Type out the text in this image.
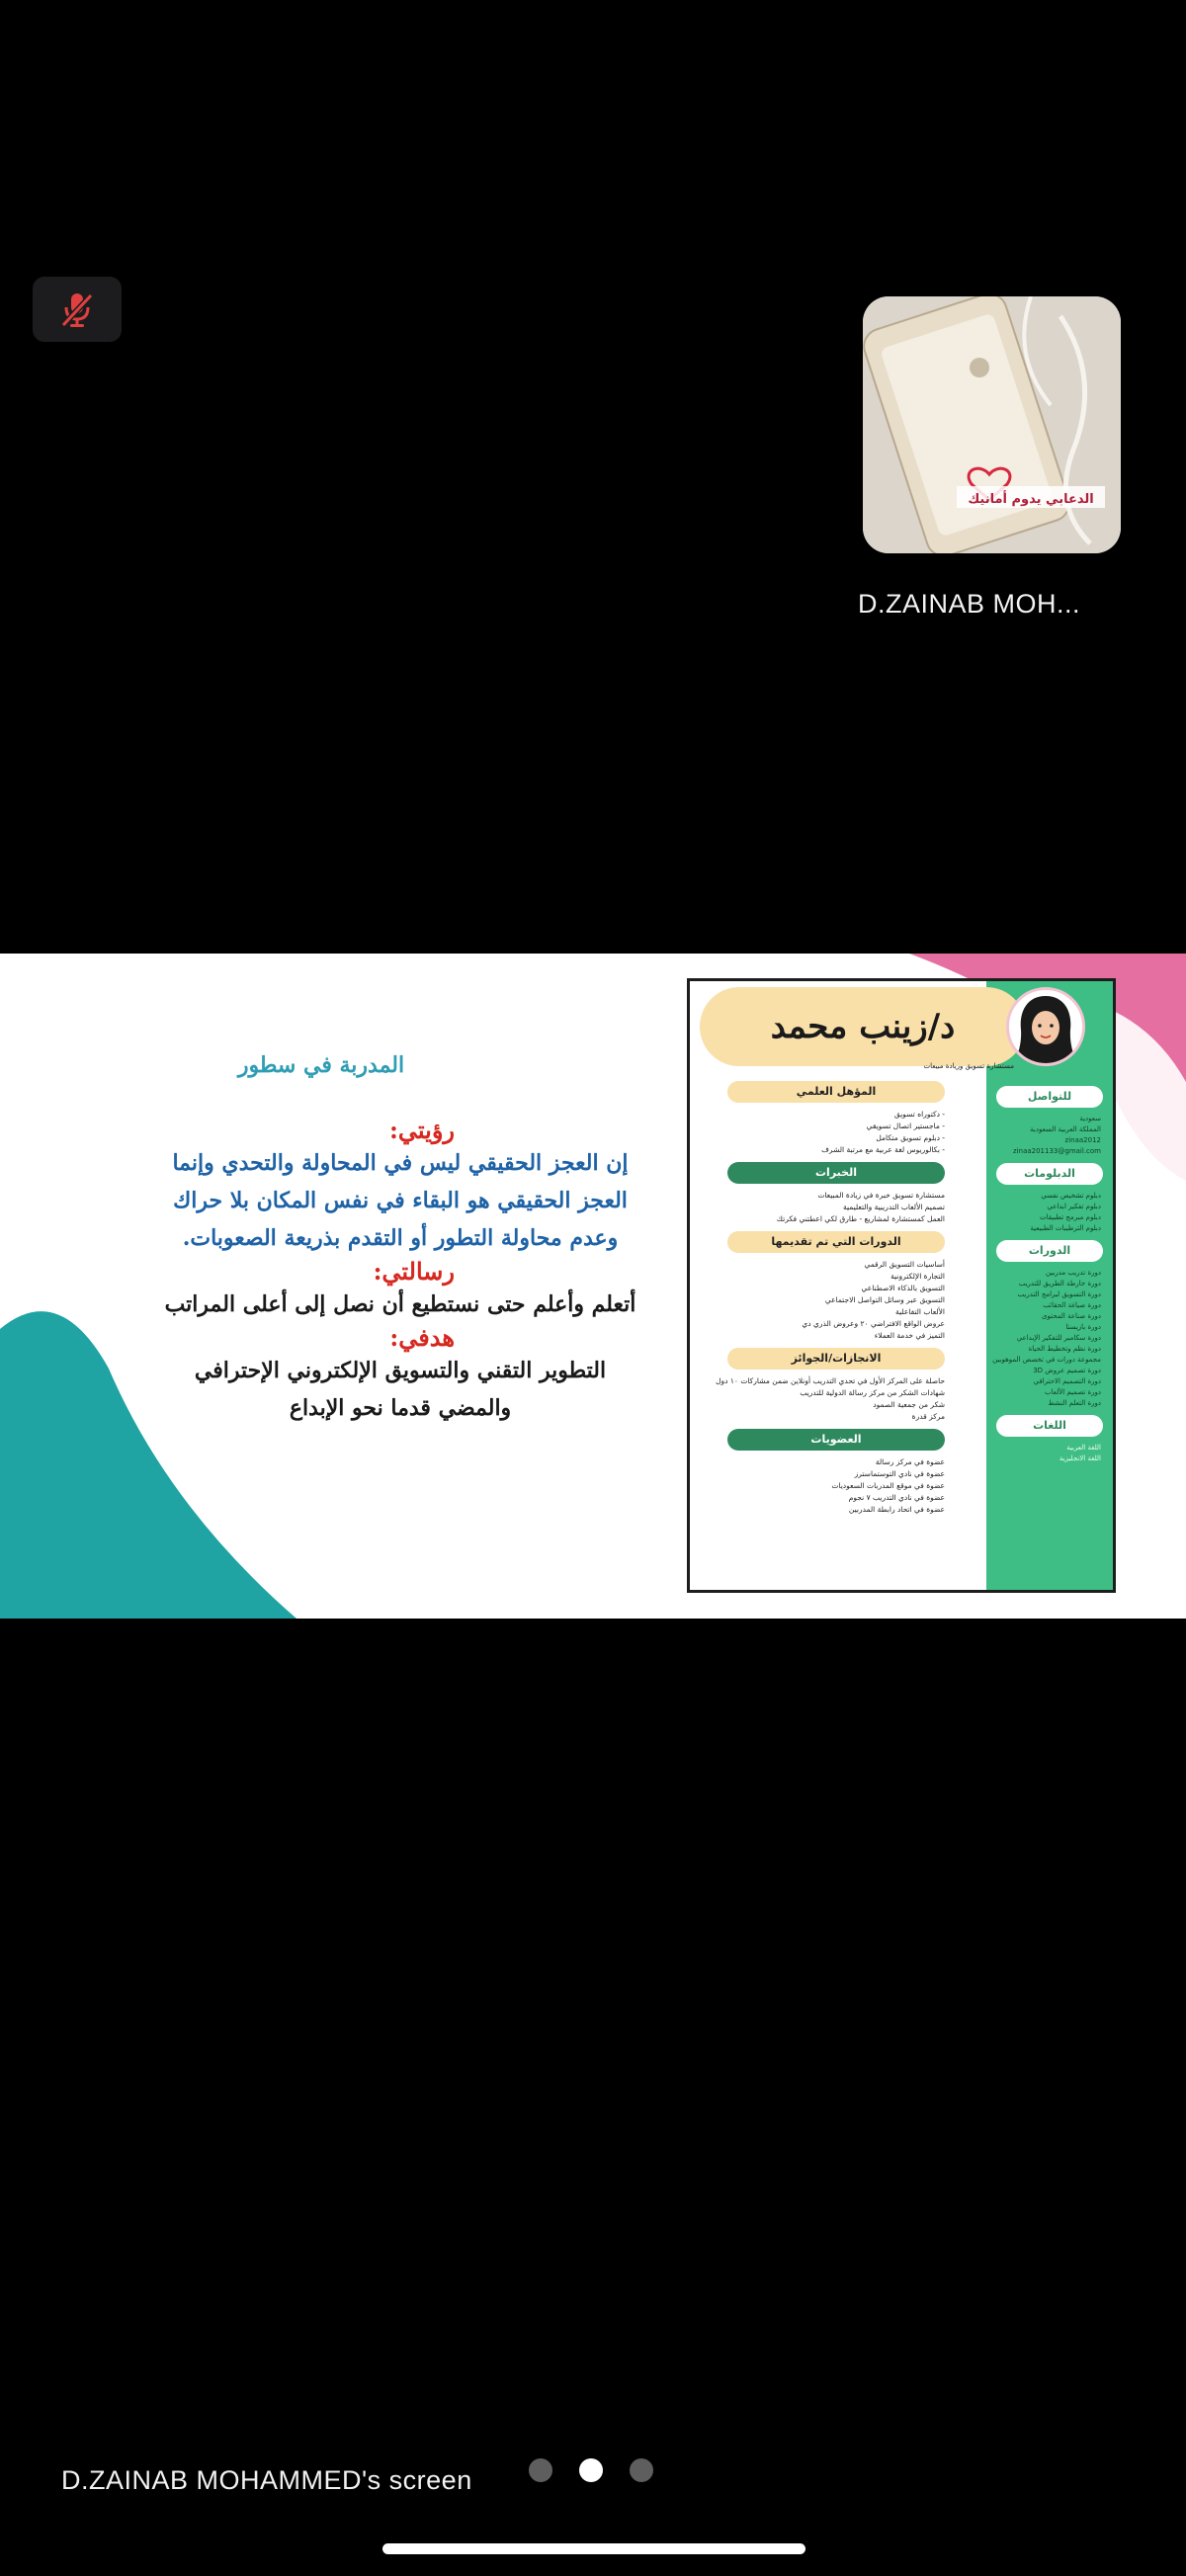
الدعابي يدوم أمانيك
D.ZAINAB MOH...
المدربة في سطور
رؤيتي:
إن العجز الحقيقي ليس في المحاولة والتحدي وإنما
العجز الحقيقي هو البقاء في نفس المكان بلا حراك
وعدم محاولة التطور أو التقدم بذريعة الصعوبات.
رسالتي:
أتعلم وأعلم حتى نستطيع أن نصل إلى أعلى المراتب
هدفي:
التطوير التقني والتسويق الإلكتروني الإحترافي
والمضي قدما نحو الإبداع
د/زينب محمد
مستشارة تسويق وريادة مبيعات
المؤهل العلمي
- دكتوراه تسويق
- ماجستير اتصال تسويقي
- دبلوم تسويق متكامل
- بكالوريوس لغة عربية مع مرتبة الشرف
الخبرات
مستشارة تسويق خبرة في زيادة المبيعات
تصميم الألعاب التدريبية والتعليمية
العمل كمستشارة لمشاريع - طارق لكي اعطتني فكرتك
الدورات التي تم تقديمها
أساسيات التسويق الرقمي
التجارة الإلكترونية
التسويق بالذكاء الاصطناعي
التسويق عبر وسائل التواصل الاجتماعي
الألعاب التفاعلية
عروض الواقع الافتراضي ٢٠ وعروض الذري دي
التميز في خدمة العملاء
الانجازات/الجوائز
حاصلة على المركز الأول في تحدي التدريب أونلاين ضمن مشاركات ١٠ دول
شهادات الشكر من مركز رسالة الدولية للتدريب
شكر من جمعية الصمود
مركز قدرة
العضويات
عضوة في مركز رسالة
عضوة في نادي التوستماسترز
عضوة في موقع المدربات السعوديات
عضوة في نادي التدريب ٧ نجوم
عضوة في اتحاد رابطة المدربين
للتواصل
سعودية
المملكة العربية السعودية
zinaa2012
zinaa201133@gmail.com
الدبلومات
دبلوم تشخيص نفسي
دبلوم تفكير ابداعي
دبلوم مبرمج تطبيقات
دبلوم الترطيبات الطبيعية
الدورات
دورة تدريب مدربين
دورة خارطة الطريق للتدريب
دورة التسويق لبرامج التدريب
دورة صياغة الحقائب
دورة صناعة المحتوى
دورة بازيستا
دورة سكامبر للتفكير الإبداعي
دورة نظم وتخطيط الحياة
مجموعة دورات في تخصص الموهوبين
دورة تصميم عروض 3D
دورة التصميم الاحترافي
دورة تصميم الألعاب
دورة التعلم النشط
اللغات
اللغة العربية
اللغة الانجليزية
D.ZAINAB MOHAMMED's screen
